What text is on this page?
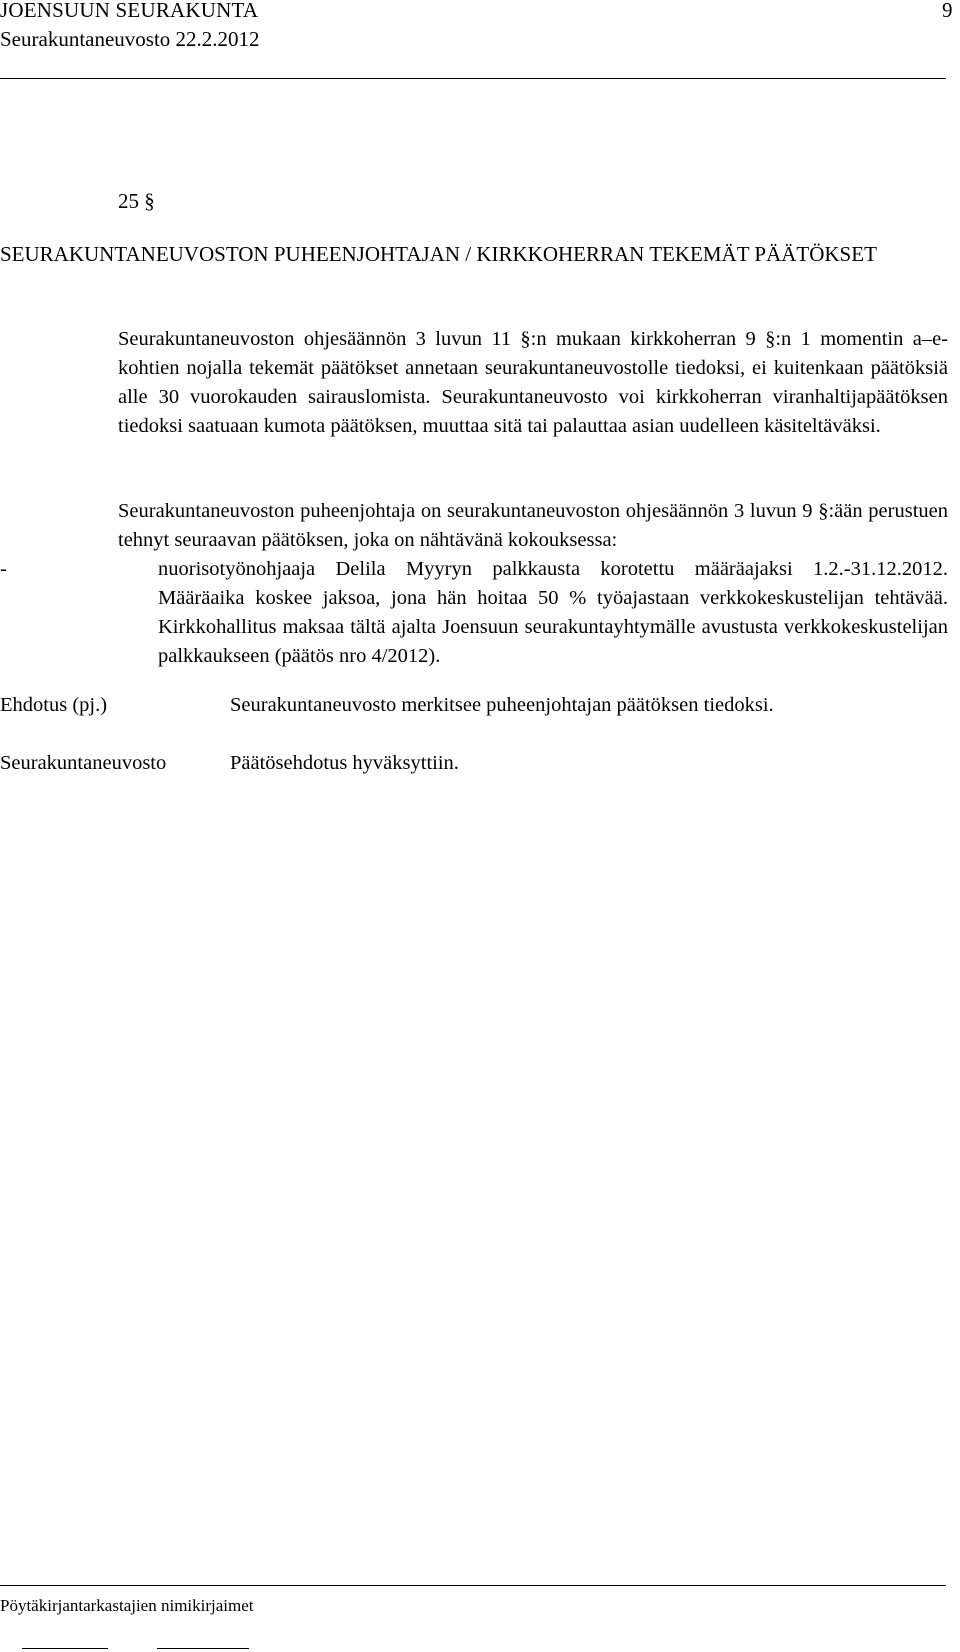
JOENSUUN SEURAKUNTA	9
Seurakuntaneuvosto 22.2.2012
25 §
SEURAKUNTANEUVOSTON PUHEENJOHTAJAN / KIRKKOHERRAN TEKEMÄT PÄÄTÖKSET
Seurakuntaneuvoston ohjesäännön 3 luvun 11 §:n mukaan kirkkoherran 9 §:n 1 momentin a–e-kohtien nojalla tekemät päätökset annetaan seurakuntaneuvostolle tiedoksi, ei kuitenkaan päätöksiä alle 30 vuorokauden sairauslomista. Seurakuntaneuvosto voi kirkkoherran viranhaltijapäätöksen tiedoksi saatuaan kumota päätöksen, muuttaa sitä tai palauttaa asian uudelleen käsiteltäväksi.
Seurakuntaneuvoston puheenjohtaja on seurakuntaneuvoston ohjesäännön 3 luvun 9 §:ään perustuen tehnyt seuraavan päätöksen, joka on nähtävänä kokouksessa:
-	nuorisotyönohjaaja Delila Myyryn palkkausta korotettu määräajaksi 1.2.-31.12.2012. Määräaika koskee jaksoa, jona hän hoitaa 50 % työajastaan verkkokeskustelijan tehtävää. Kirkkohallitus maksaa tältä ajalta Joensuun seurakuntayhtymälle avustusta verkkokeskustelijan palkkaukseen (päätös nro 4/2012).
Ehdotus (pj.)	Seurakuntaneuvosto merkitsee puheenjohtajan päätöksen tiedoksi.
Seurakuntaneuvosto	Päätösehdotus hyväksyttiin.
Pöytäkirjantarkastajien nimikirjaimet
